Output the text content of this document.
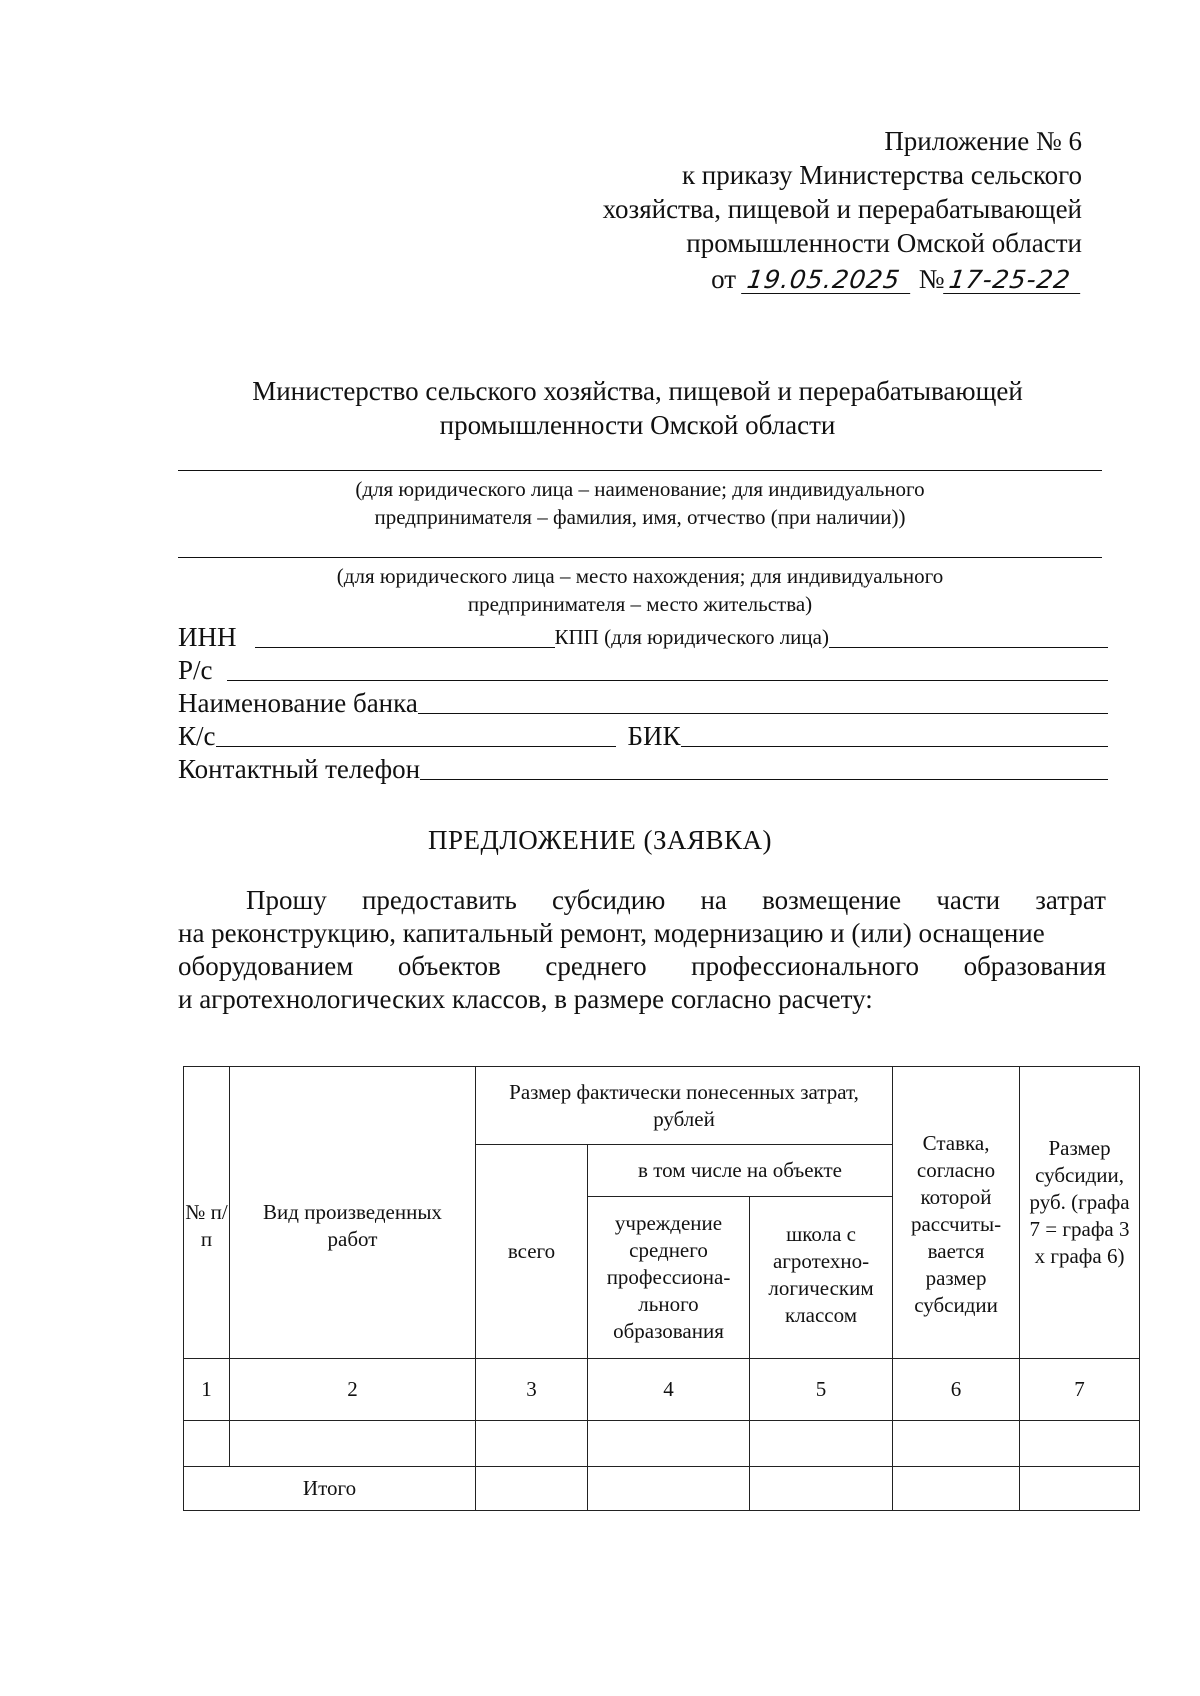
Приложение № 6
к приказу Министерства сельского
хозяйства, пищевой и перерабатывающей
промышленности Омской области
от 19.05.2025 №17-25-22
Министерство сельского хозяйства, пищевой и перерабатывающей
промышленности Омской области
(для юридического лица – наименование; для индивидуального
предпринимателя – фамилия, имя, отчество (при наличии))
(для юридического лица – место нахождения; для индивидуального
предпринимателя – место жительства)
ИНН	КПП (для юридического лица)
Р/с
Наименование банка
К/с	БИК
Контактный телефон
ПРЕДЛОЖЕНИЕ (ЗАЯВКА)
Прошу предоставить субсидию на возмещение части затрат
на реконструкцию, капитальный ремонт, модернизацию и (или) оснащение
оборудованием объектов среднего профессионального образования
и агротехнологических классов, в размере согласно расчету:
№ п/п	Вид произведенных работ	Размер фактически понесенных затрат, рублей			Ставка, согласно которой рассчиты-вается размер субсидии	Размер субсидии, руб. (графа 7 = графа 3 х графа 6)
		всего	в том числе на объекте			
			учреждение среднего профессиона-льного образования	школа с агротехно-логическим классом		
1	2	3	4	5	6	7

Итого						
